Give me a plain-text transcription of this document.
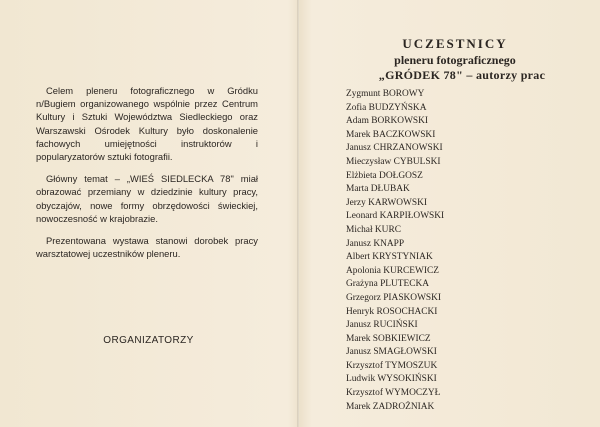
Celem pleneru fotograficznego w Gródku n/Bugiem organizowanego wspólnie przez Centrum Kultury i Sztuki Województwa Siedleckiego oraz Warszawski Ośrodek Kultury było doskonalenie fachowych umiejętności instruktorów i popularyzatorów sztuki fotografii.

Główny temat – „WIEŚ SIEDLECKA 78" miał obrazować przemiany w dziedzinie kultury pracy, obyczajów, nowe formy obrzędowości świeckiej, nowoczesność w krajobrazie.

Prezentowana wystawa stanowi dorobek pracy warsztatowej uczestników pleneru.

ORGANIZATORZY
UCZESTNICY
pleneru fotograficznego
„GRÓDEK 78" – autorzy prac
Zygmunt BOROWY
Zofia BUDZYŃSKA
Adam BORKOWSKI
Marek BACZKOWSKI
Janusz CHRZANOWSKI
Mieczysław CYBULSKI
Elżbieta DOŁGOSZ
Marta DŁUBAK
Jerzy KARWOWSKI
Leonard KARPIŁOWSKI
Michał KURC
Janusz KNAPP
Albert KRYSTYNIAK
Apolonia KURCEWICZ
Grażyna PLUTECKA
Grzegorz PIASKOWSKI
Henryk ROSOCHACKI
Janusz RUCIŃSKI
Marek SOBKIEWICZ
Janusz SMAGŁOWSKI
Krzysztof TYMOSZUK
Ludwik WYSOKIŃSKI
Krzysztof WYMOCZYŁ
Marek ZADROŻNIAK
